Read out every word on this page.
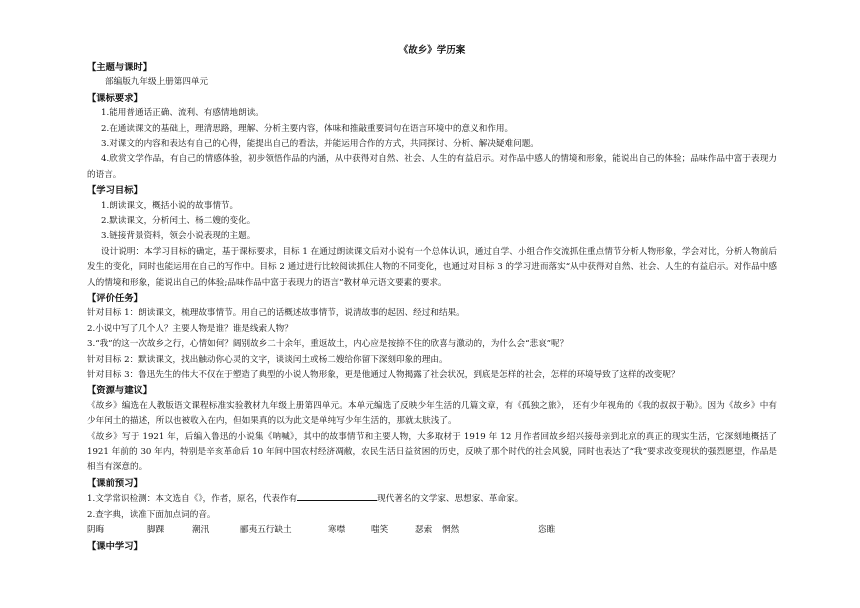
《故乡》学历案
【主题与课时】
部编版九年级上册第四单元
【课标要求】
1.能用普通话正确、流利、有感情地朗读。
2.在通读课文的基础上，理清思路，理解、分析主要内容，体味和推敲重要词句在语言环境中的意义和作用。
3.对课文的内容和表达有自己的心得，能提出自己的看法，并能运用合作的方式，共同探讨、分析、解决疑难问题。
4.欣赏文学作品，有自己的情感体验，初步领悟作品的内涵，从中获得对自然、社会、人生的有益启示。对作品中感人的情境和形象，能说出自己的体验；品味作品中富于表现力的语言。
【学习目标】
1.朗读课文，概括小说的故事情节。
2.默读课文，分析闰土、杨二嫂的变化。
3.链接背景资料，领会小说表现的主题。
设计说明：本学习目标的确定，基于课标要求，目标 1 在通过朗读课文后对小说有一个总体认识，通过自学、小组合作交流抓住重点情节分析人物形象，学会对比，分析人物前后发生的变化，同时也能运用在自己的写作中。目标 2 通过进行比较阅读抓住人物的不同变化，也通过对目标 3 的学习进而落实“从中获得对自然、社会、人生的有益启示。对作品中感人的情境和形象，能说出自己的体验;品味作品中富于表现力的语言”教材单元语文要素的要求。
【评价任务】
针对目标 1：朗读课文，梳理故事情节。用自己的话概述故事情节，说清故事的起因、经过和结果。
2.小说中写了几个人？主要人物是谁？谁是线索人物？
3.“我”的这一次故乡之行，心情如何？阔别故乡二十余年，重返故土，内心应是按捺不住的欣喜与激动的，为什么会“悲哀”呢？
针对目标 2：默读课文，找出触动你心灵的文字，谈谈闰土或杨二嫂给你留下深刻印象的理由。
针对目标 3：鲁迅先生的伟大不仅在于塑造了典型的小说人物形象，更是他通过人物揭露了社会状况，到底是怎样的社会，怎样的环境导致了这样的改变呢？
【资源与建议】
《故乡》编选在人教版语文课程标准实验教材九年级上册第四单元。本单元编选了反映少年生活的几篇文章，有《孤独之旅》， 还有少年视角的《我的叔叔于勒》。因为《故乡》中有少年闰土的描述，所以也被收入在内，但如果真的以为此文是单纯写少年生活的，那就太肤浅了。
《故乡》写于 1921 年，后编入鲁迅的小说集《呐喊》，其中的故事情节和主要人物，大多取材于 1919 年 12 月作者回故乡绍兴接母亲到北京的真正的现实生活，它深刻地概括了 1921 年前的 30 年内，特别是辛亥革命后 10 年间中国农村经济凋敝，农民生活日益贫困的历史，反映了那个时代的社会风貌，同时也表达了“我”要求改变现状的强烈愿望，作品是相当有深意的。
【课前预习】
1.文学常识检测：本文选自《》，作者，原名，代表作有	现代著名的文学家、思想家、革命家。
2.查字典，读准下面加点词的音。
阴晦	脚踝	潮汛	郦夷五行缺土	寒噤	嗤笑	瑟索 惘然	恣睢
【课中学习】
